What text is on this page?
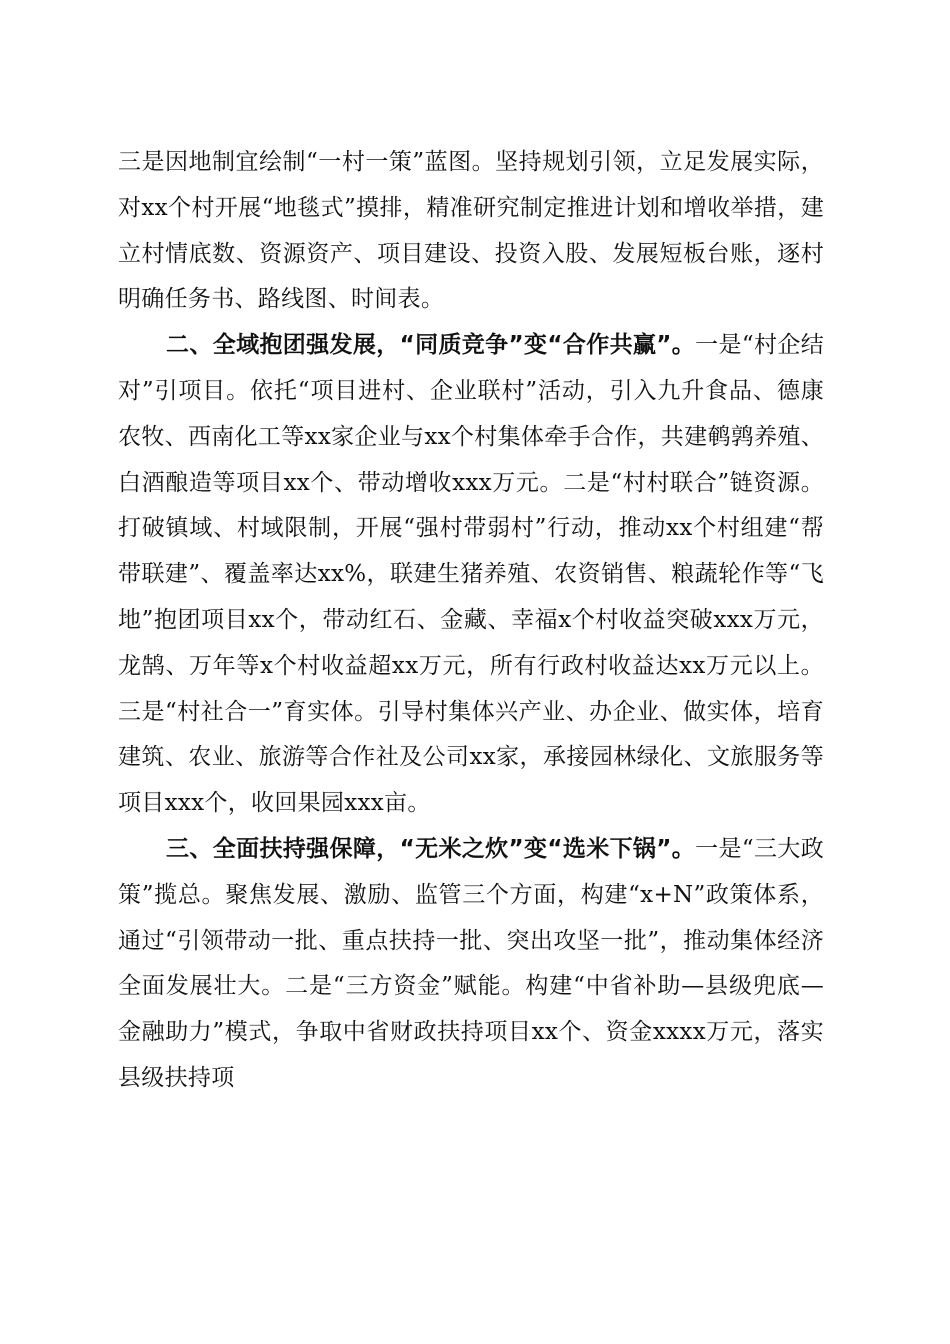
三是因地制宜绘制“一村一策”蓝图。坚持规划引领，立足发展实际，对xx个村开展“地毯式”摸排，精准研究制定推进计划和增收举措，建立村情底数、资源资产、项目建设、投资入股、发展短板台账，逐村明确任务书、路线图、时间表。

二、全域抱团强发展，“同质竞争”变“合作共赢”。一是“村企结对”引项目。依托“项目进村、企业联村”活动，引入九升食品、德康农牧、西南化工等xx家企业与xx个村集体牵手合作，共建鹌鹑养殖、白酒酿造等项目xx个、带动增收xxx万元。二是“村村联合”链资源。打破镇域、村域限制，开展“强村带弱村”行动，推动xx个村组建“帮带联建”、覆盖率达xx%，联建生猪养殖、农资销售、粮蔬轮作等“飞地”抱团项目xx个，带动红石、金藏、幸福x个村收益突破xxx万元，龙鹄、万年等x个村收益超xx万元，所有行政村收益达xx万元以上。三是“村社合一”育实体。引导村集体兴产业、办企业、做实体，培育建筑、农业、旅游等合作社及公司xx家，承接园林绿化、文旅服务等项目xxx个，收回果园xxx亩。

三、全面扶持强保障，“无米之炊”变“选米下锅”。一是“三大政策”揽总。聚焦发展、激励、监管三个方面，构建“x+N”政策体系，通过“引领带动一批、重点扶持一批、突出攻坚一批”，推动集体经济全面发展壮大。二是“三方资金”赋能。构建“中省补助—县级兜底—金融助力”模式，争取中省财政扶持项目xx个、资金xxxx万元，落实县级扶持项
